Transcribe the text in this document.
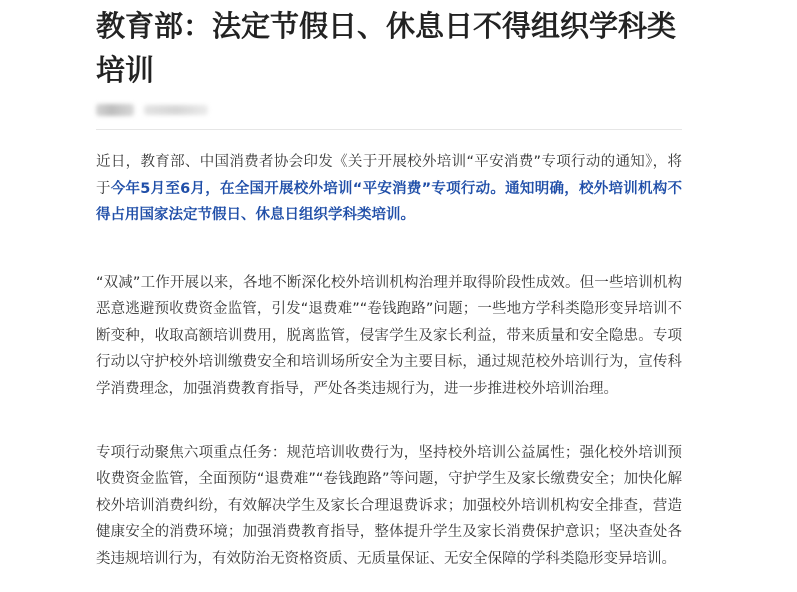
教育部：法定节假日、休息日不得组织学科类培训

近日，教育部、中国消费者协会印发《关于开展校外培训“平安消费”专项行动的通知》，将于今年5月至6月，在全国开展校外培训“平安消费”专项行动。通知明确，校外培训机构不得占用国家法定节假日、休息日组织学科类培训。

“双减”工作开展以来，各地不断深化校外培训机构治理并取得阶段性成效。但一些培训机构恶意逃避预收费资金监管，引发“退费难”“卷钱跑路”问题；一些地方学科类隐形变异培训不断变种，收取高额培训费用，脱离监管，侵害学生及家长利益，带来质量和安全隐患。专项行动以守护校外培训缴费安全和培训场所安全为主要目标，通过规范校外培训行为，宣传科学消费理念，加强消费教育指导，严处各类违规行为，进一步推进校外培训治理。

专项行动聚焦六项重点任务：规范培训收费行为，坚持校外培训公益属性；强化校外培训预收费资金监管，全面预防“退费难”“卷钱跑路”等问题，守护学生及家长缴费安全；加快化解校外培训消费纠纷，有效解决学生及家长合理退费诉求；加强校外培训机构安全排查，营造健康安全的消费环境；加强消费教育指导，整体提升学生及家长消费保护意识；坚决查处各类违规培训行为，有效防治无资格资质、无质量保证、无安全保障的学科类隐形变异培训。
